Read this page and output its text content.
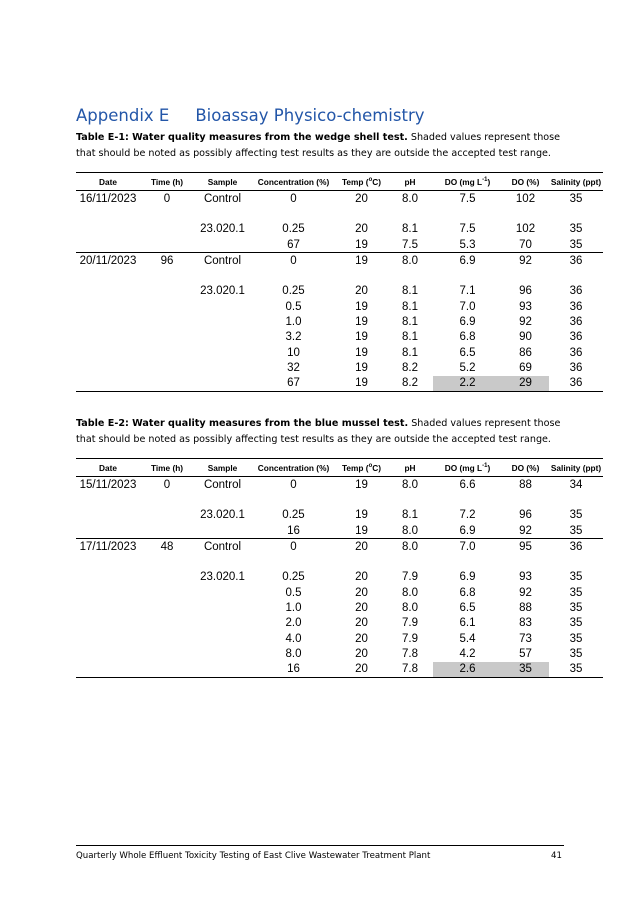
Appendix E Bioassay Physico-chemistry
Table E-1: Water quality measures from the wedge shell test. Shaded values represent those that should be noted as possibly affecting test results as they are outside the accepted test range.
Date	Time (h)	Sample	Concentration (%)	Temp ($^o$C)	pH	DO (mg $L^{-1}$)	DO (%)	Salinity (ppt)
16/11/2023	0	Control	0	20	8.0	7.5	102	35

		23.020.1	0.25	20	8.1	7.5	102	35
			67	19	7.5	5.3	70	35
20/11/2023	96	Control	0	19	8.0	6.9	92	36

		23.020.1	0.25	20	8.1	7.1	96	36
			0.5	19	8.1	7.0	93	36
			1.0	19	8.1	6.9	92	36
			3.2	19	8.1	6.8	90	36
			10	19	8.1	6.5	86	36
			32	19	8.2	5.2	69	36
			67	19	8.2	2.2	29	36
Table E-2: Water quality measures from the blue mussel test. Shaded values represent those that should be noted as possibly affecting test results as they are outside the accepted test range.
Date	Time (h)	Sample	Concentration (%)	Temp ($^o$C)	pH	DO (mg $L^{-1}$)	DO (%)	Salinity (ppt)
15/11/2023	0	Control	0	19	8.0	6.6	88	34

		23.020.1	0.25	19	8.1	7.2	96	35
			16	19	8.0	6.9	92	35
17/11/2023	48	Control	0	20	8.0	7.0	95	36

		23.020.1	0.25	20	7.9	6.9	93	35
			0.5	20	8.0	6.8	92	35
			1.0	20	8.0	6.5	88	35
			2.0	20	7.9	6.1	83	35
			4.0	20	7.9	5.4	73	35
			8.0	20	7.8	4.2	57	35
			16	20	7.8	2.6	35	35
Quarterly Whole Effluent Toxicity Testing of East Clive Wastewater Treatment Plant	41
